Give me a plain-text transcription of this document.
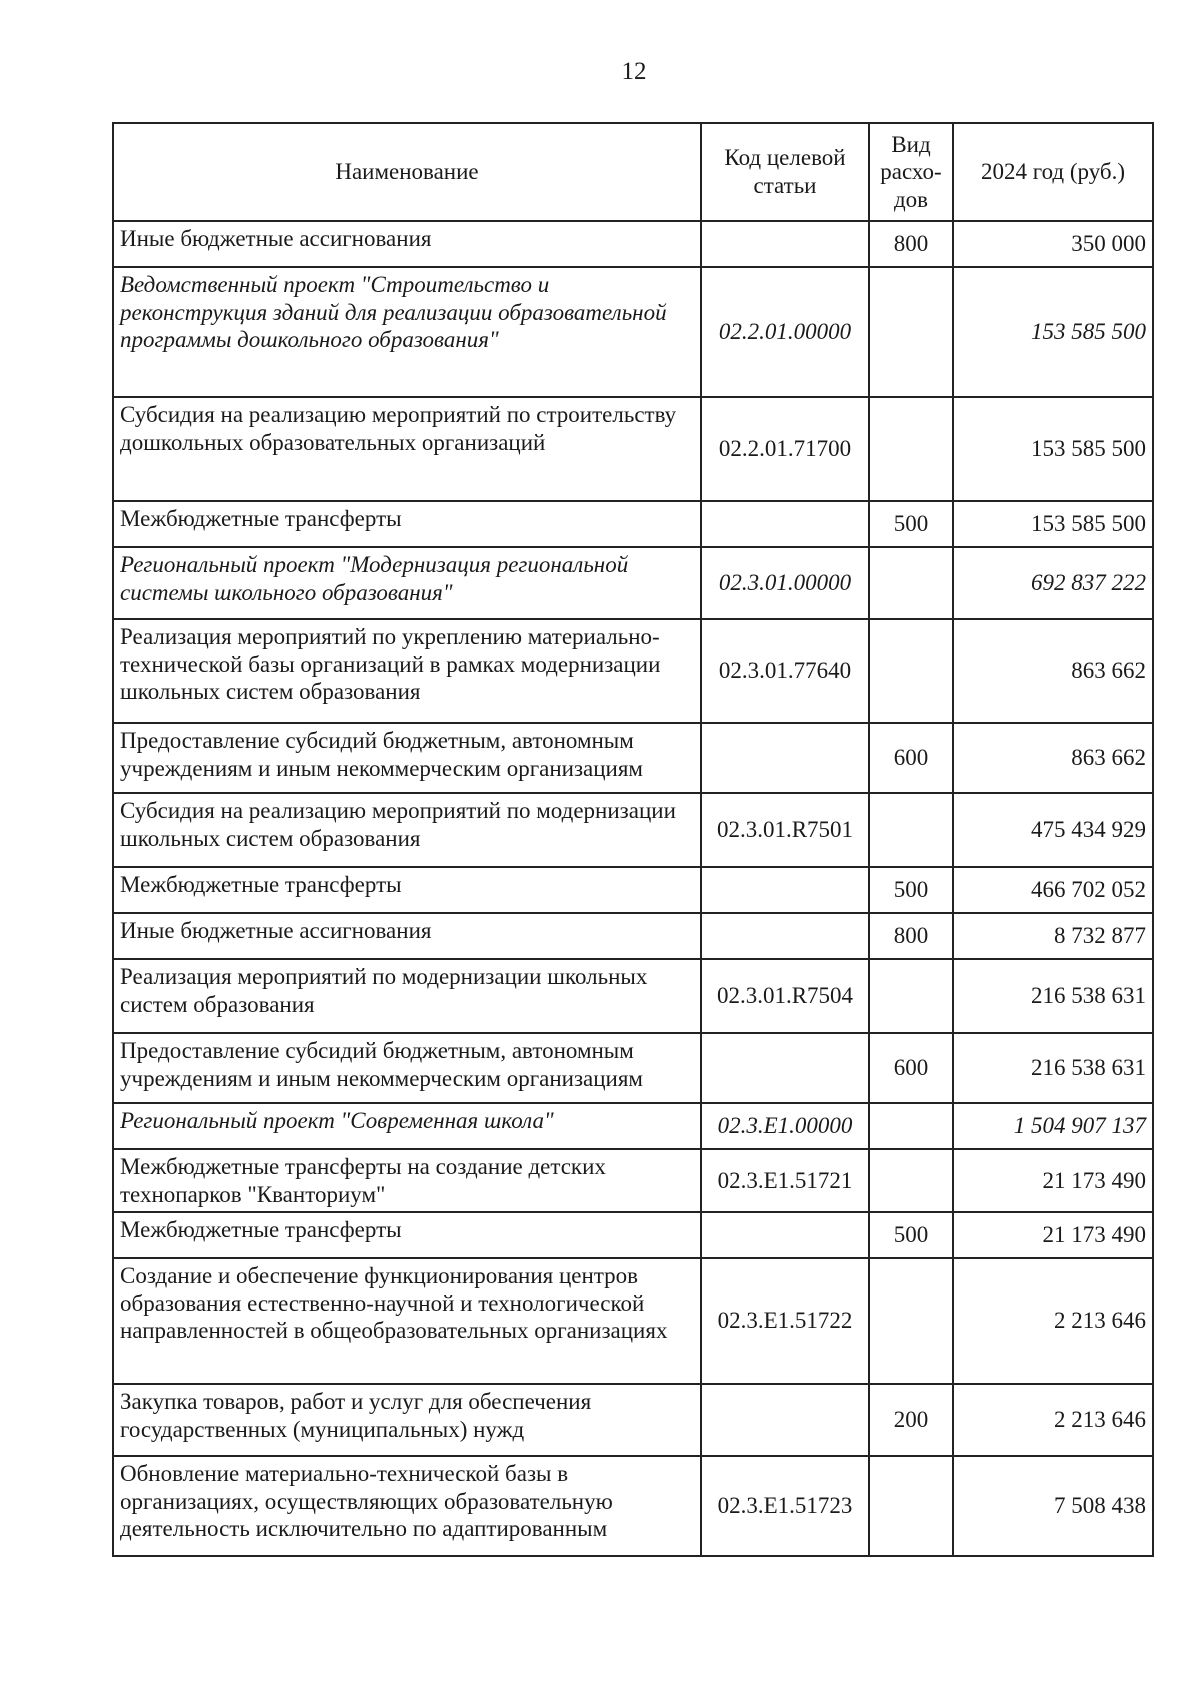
12
Наименование	Код целевой статьи	Вид расхо-дов	2024 год (руб.)
Иные бюджетные ассигнования		800	350 000
Ведомственный проект "Строительство и реконструкция зданий для реализации образовательной программы дошкольного образования"	02.2.01.00000		153 585 500
Субсидия на реализацию мероприятий по строительству дошкольных образовательных организаций	02.2.01.71700		153 585 500
Межбюджетные трансферты		500	153 585 500
Региональный проект "Модернизация региональной системы школьного образования"	02.3.01.00000		692 837 222
Реализация мероприятий по укреплению материально-технической базы организаций в рамках модернизации школьных систем образования	02.3.01.77640		863 662
Предоставление субсидий бюджетным, автономным учреждениям и иным некоммерческим организациям		600	863 662
Субсидия на реализацию мероприятий по модернизации школьных систем образования	02.3.01.R7501		475 434 929
Межбюджетные трансферты		500	466 702 052
Иные бюджетные ассигнования		800	8 732 877
Реализация мероприятий по модернизации школьных систем образования	02.3.01.R7504		216 538 631
Предоставление субсидий бюджетным, автономным учреждениям и иным некоммерческим организациям		600	216 538 631
Региональный проект "Современная школа"	02.3.E1.00000		1 504 907 137
Межбюджетные трансферты на создание детских технопарков "Кванториум"	02.3.E1.51721		21 173 490
Межбюджетные трансферты		500	21 173 490
Создание и обеспечение функционирования центров образования естественно-научной и технологической направленностей в общеобразовательных организациях	02.3.E1.51722		2 213 646
Закупка товаров, работ и услуг для обеспечения государственных (муниципальных) нужд		200	2 213 646
Обновление материально-технической базы в организациях, осуществляющих образовательную деятельность исключительно по адаптированным	02.3.E1.51723		7 508 438
